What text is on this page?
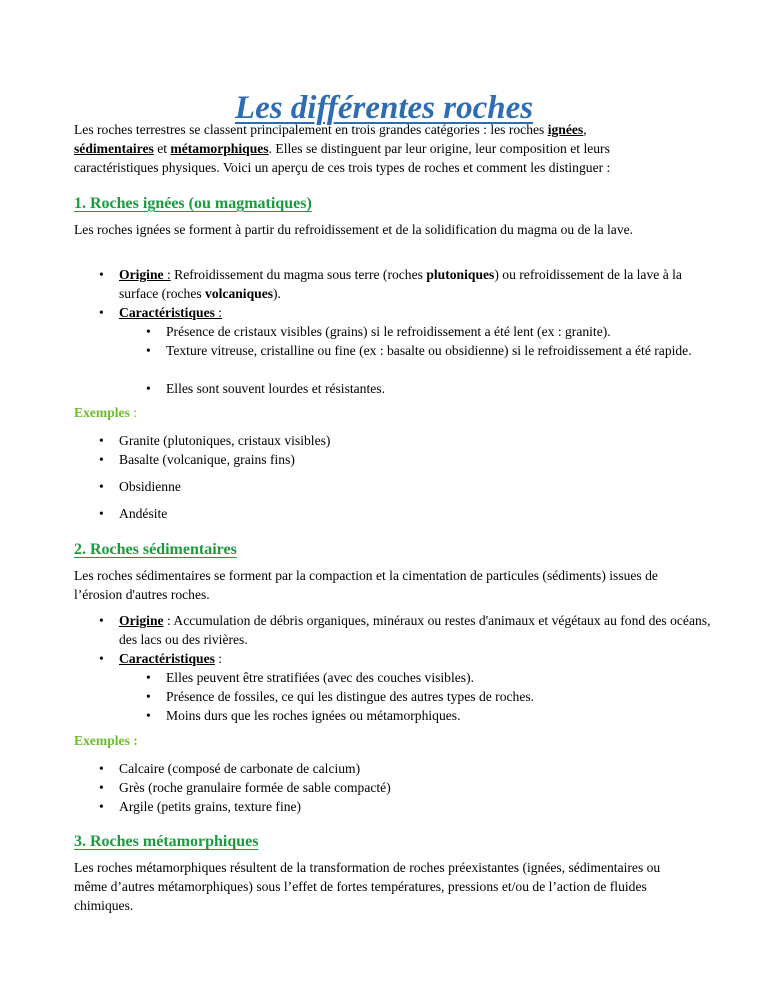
Les différentes roches

Les roches terrestres se classent principalement en trois grandes catégories : les roches ignées,
sédimentaires et métamorphiques. Elles se distinguent par leur origine, leur composition et leurs caractéristiques physiques. Voici un aperçu de ces trois types de roches et comment les distinguer :

1. Roches ignées (ou magmatiques)

Les roches ignées se forment à partir du refroidissement et de la solidification du magma ou de la lave.

• Origine : Refroidissement du magma sous terre (roches plutoniques) ou refroidissement de la lave à la surface (roches volcaniques).

• Caractéristiques :

• Présence de cristaux visibles (grains) si le refroidissement a été lent (ex : granite).

• Texture vitreuse, cristalline ou fine (ex : basalte ou obsidienne) si le refroidissement a été rapide.

• Elles sont souvent lourdes et résistantes.

Exemples :

• Granite (plutoniques, cristaux visibles)

• Basalte (volcanique, grains fins)

• Obsidienne

• Andésite

2. Roches sédimentaires

Les roches sédimentaires se forment par la compaction et la cimentation de particules (sédiments) issues de l’érosion d'autres roches.

• Origine : Accumulation de débris organiques, minéraux ou restes d'animaux et végétaux au fond des océans, des lacs ou des rivières.

• Caractéristiques :

• Elles peuvent être stratifiées (avec des couches visibles).

• Présence de fossiles, ce qui les distingue des autres types de roches.

• Moins durs que les roches ignées ou métamorphiques.

Exemples :

• Calcaire (composé de carbonate de calcium)

• Grès (roche granulaire formée de sable compacté)

• Argile (petits grains, texture fine)

3. Roches métamorphiques

Les roches métamorphiques résultent de la transformation de roches préexistantes (ignées, sédimentaires ou même d’autres métamorphiques) sous l’effet de fortes températures, pressions et/ou de l’action de fluides chimiques.
